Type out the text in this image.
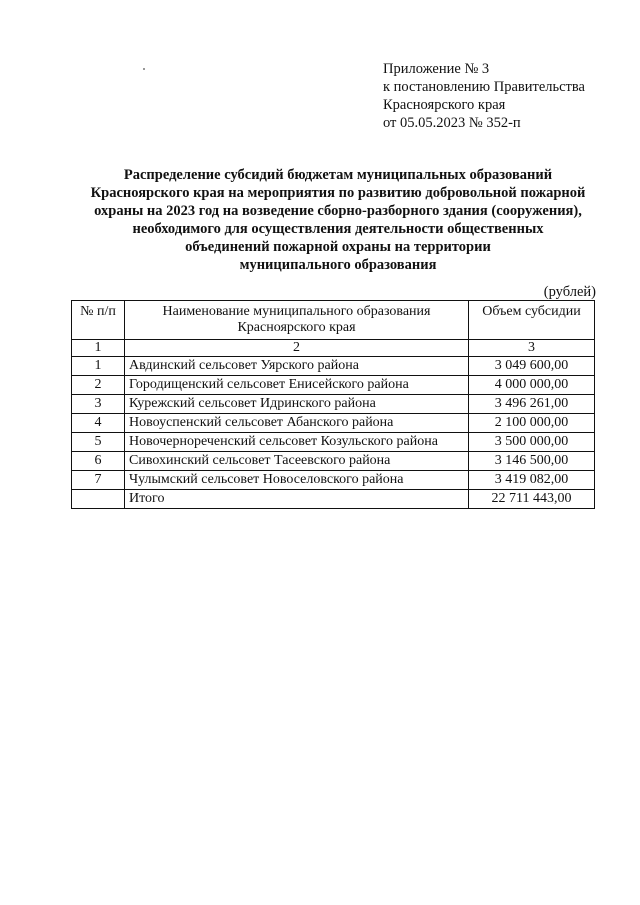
Приложение № 3
к постановлению Правительства
Красноярского края
от 05.05.2023 № 352-п
Распределение субсидий бюджетам муниципальных образований
Красноярского края на мероприятия по развитию добровольной пожарной
охраны на 2023 год на возведение сборно-разборного здания (сооружения),
необходимого для осуществления деятельности общественных
объединений пожарной охраны на территории
муниципального образования
(рублей)
№ п/п	Наименование муниципального образования Красноярского края	Объем субсидии
1	2	3
1	Авдинский сельсовет Уярского района	3 049 600,00
2	Городищенский сельсовет Енисейского района	4 000 000,00
3	Курежский сельсовет Идринского района	3 496 261,00
4	Новоуспенский сельсовет Абанского района	2 100 000,00
5	Новочернореченский сельсовет Козульского района	3 500 000,00
6	Сивохинский сельсовет Тасеевского района	3 146 500,00
7	Чулымский сельсовет Новоселовского района	3 419 082,00
	Итого	22 711 443,00
